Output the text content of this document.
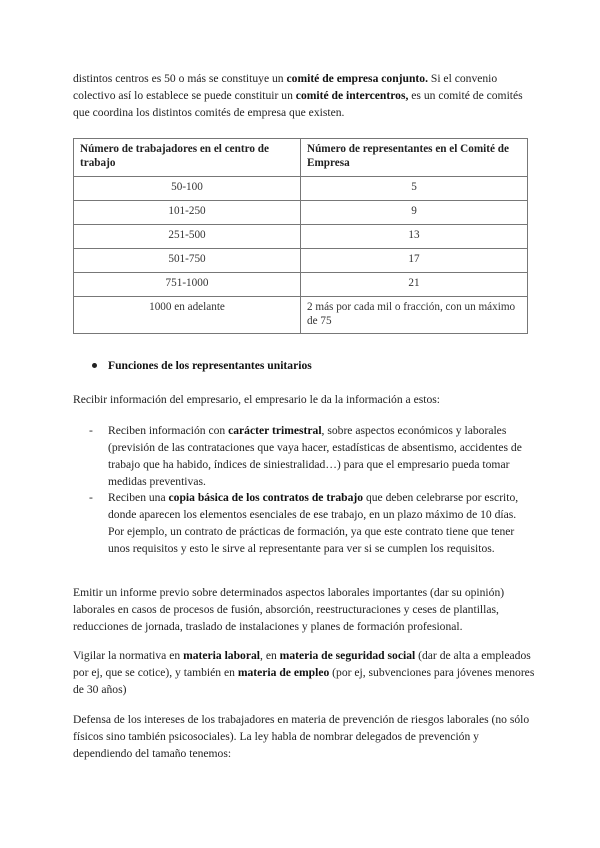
distintos centros es 50 o más se constituye un comité de empresa conjunto. Si el convenio colectivo así lo establece se puede constituir un comité de intercentros, es un comité de comités que coordina los distintos comités de empresa que existen.

Número de trabajadores en el centro de trabajo	Número de representantes en el Comité de Empresa
50-100	5
101-250	9
251-500	13
501-750	17
751-1000	21
1000 en adelante	2 más por cada mil o fracción, con un máximo de 75
Funciones de los representantes unitarios

Recibir información del empresario, el empresario le da la información a estos:

- Reciben información con carácter trimestral, sobre aspectos económicos y laborales (previsión de las contrataciones que vaya hacer, estadísticas de absentismo, accidentes de trabajo que ha habido, índices de siniestralidad…) para que el empresario pueda tomar medidas preventivas.

- Reciben una copia básica de los contratos de trabajo que deben celebrarse por escrito, donde aparecen los elementos esenciales de ese trabajo, en un plazo máximo de 10 días. Por ejemplo, un contrato de prácticas de formación, ya que este contrato tiene que tener unos requisitos y esto le sirve al representante para ver si se cumplen los requisitos.

Emitir un informe previo sobre determinados aspectos laborales importantes (dar su opinión) laborales en casos de procesos de fusión, absorción, reestructuraciones y ceses de plantillas, reducciones de jornada, traslado de instalaciones y planes de formación profesional.

Vigilar la normativa en materia laboral, en materia de seguridad social (dar de alta a empleados por ej, que se cotice), y también en materia de empleo (por ej, subvenciones para jóvenes menores de 30 años)

Defensa de los intereses de los trabajadores en materia de prevención de riesgos laborales (no sólo físicos sino también psicosociales). La ley habla de nombrar delegados de prevención y dependiendo del tamaño tenemos:
